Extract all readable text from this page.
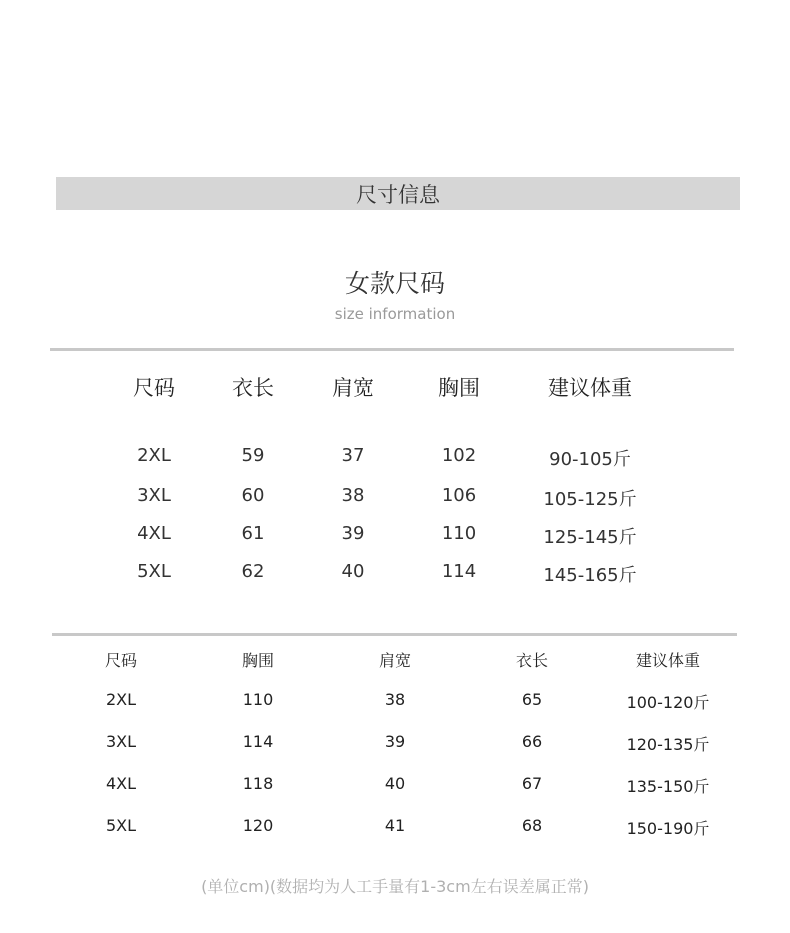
尺寸信息
女款尺码
size information
尺码	衣长	肩宽	胸围	建议体重
2XL	59	37	102	90-105斤
3XL	60	38	106	105-125斤
4XL	61	39	110	125-145斤
5XL	62	40	114	145-165斤
尺码	胸围	肩宽	衣长	建议体重
2XL	110	38	65	100-120斤
3XL	114	39	66	120-135斤
4XL	118	40	67	135-150斤
5XL	120	41	68	150-190斤
(单位cm)(数据均为人工手量有1-3cm左右误差属正常)
